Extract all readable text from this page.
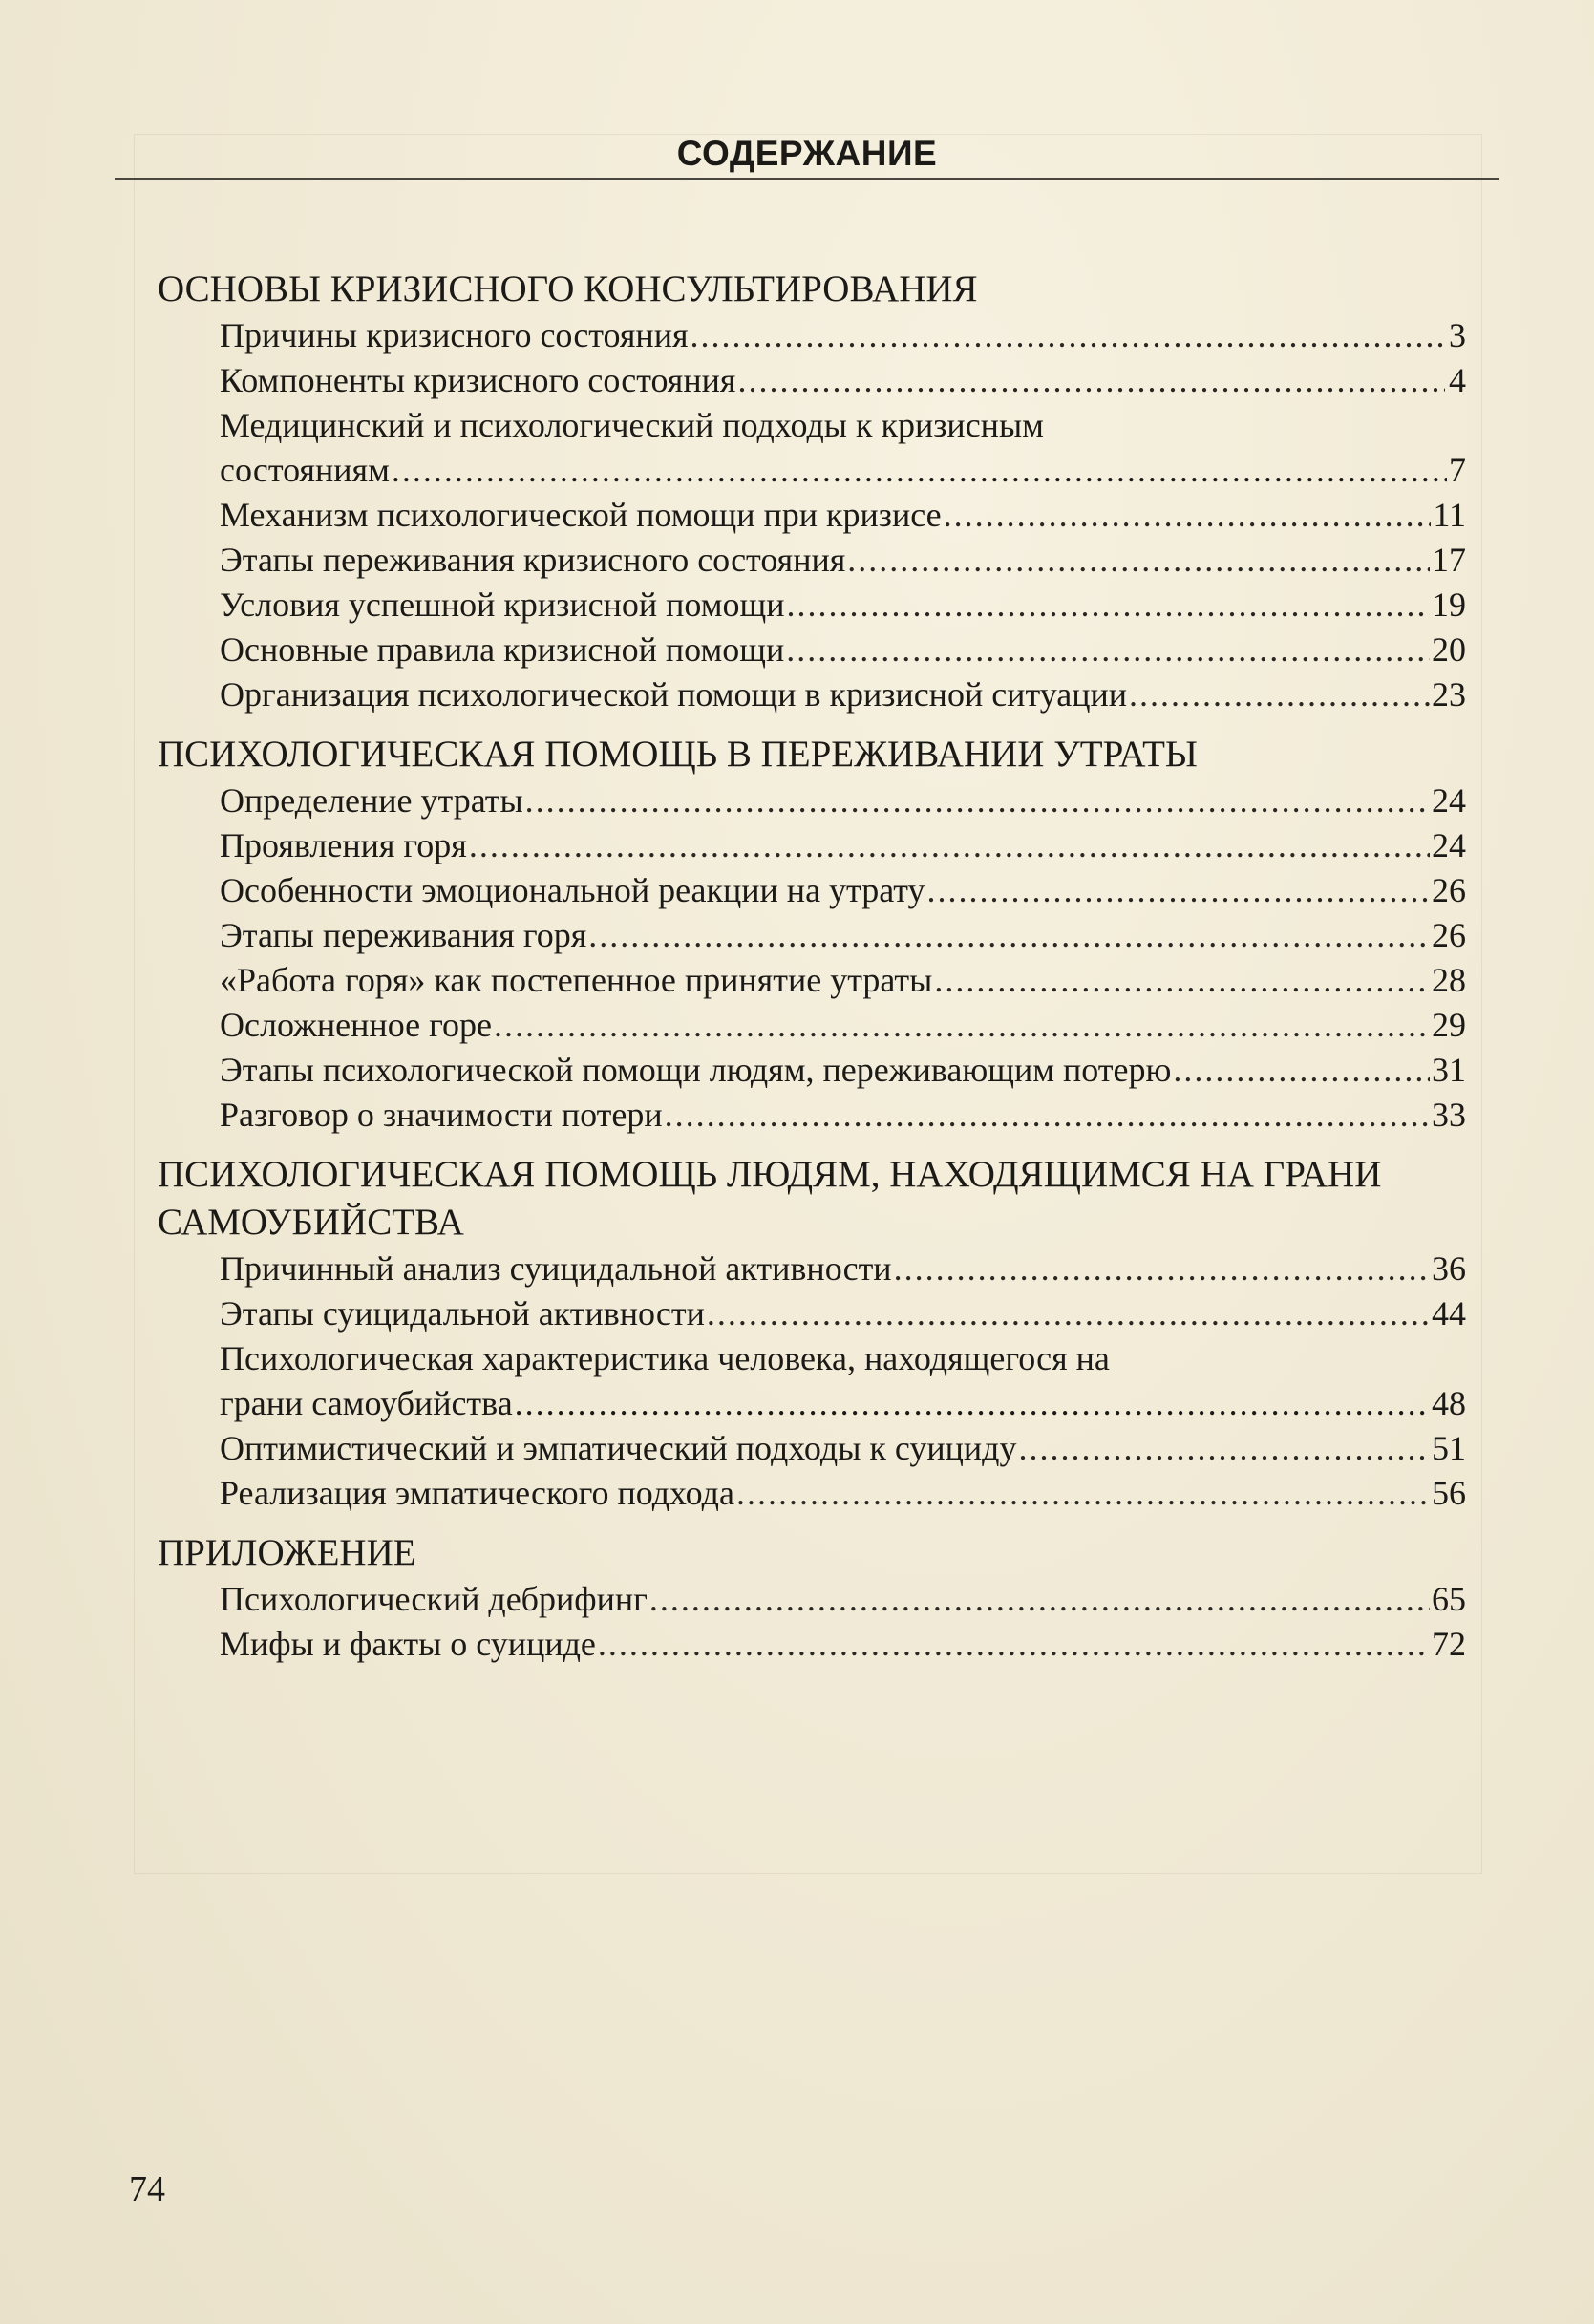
СОДЕРЖАНИЕ
ОСНОВЫ КРИЗИСНОГО КОНСУЛЬТИРОВАНИЯ
Причины кризисного состояния .....	3
Компоненты кризисного состояния .....	4
Медицинский и психологический подходы к кризисным
состояниям .....	7
Механизм психологической помощи при кризисе .....	11
Этапы переживания кризисного состояния .....	17
Условия успешной кризисной помощи .....	19
Основные правила кризисной помощи .....	20
Организация психологической помощи в кризисной ситуации .....	23
ПСИХОЛОГИЧЕСКАЯ ПОМОЩЬ В ПЕРЕЖИВАНИИ УТРАТЫ
Определение утраты .....	24
Проявления горя .....	24
Особенности эмоциональной реакции на утрату .....	26
Этапы переживания горя .....	26
«Работа горя» как постепенное принятие утраты .....	28
Осложненное горе .....	29
Этапы психологической помощи людям, переживающим потерю .....	31
Разговор о значимости потери .....	33
ПСИХОЛОГИЧЕСКАЯ ПОМОЩЬ ЛЮДЯМ, НАХОДЯЩИМСЯ НА ГРАНИ САМОУБИЙСТВА
Причинный анализ суицидальной активности .....	36
Этапы суицидальной активности .....	44
Психологическая характеристика человека, находящегося на
грани самоубийства .....	48
Оптимистический и эмпатический подходы к суициду .....	51
Реализация эмпатического подхода .....	56
ПРИЛОЖЕНИЕ
Психологический дебрифинг .....	65
Мифы и факты о суициде .....	72
74
